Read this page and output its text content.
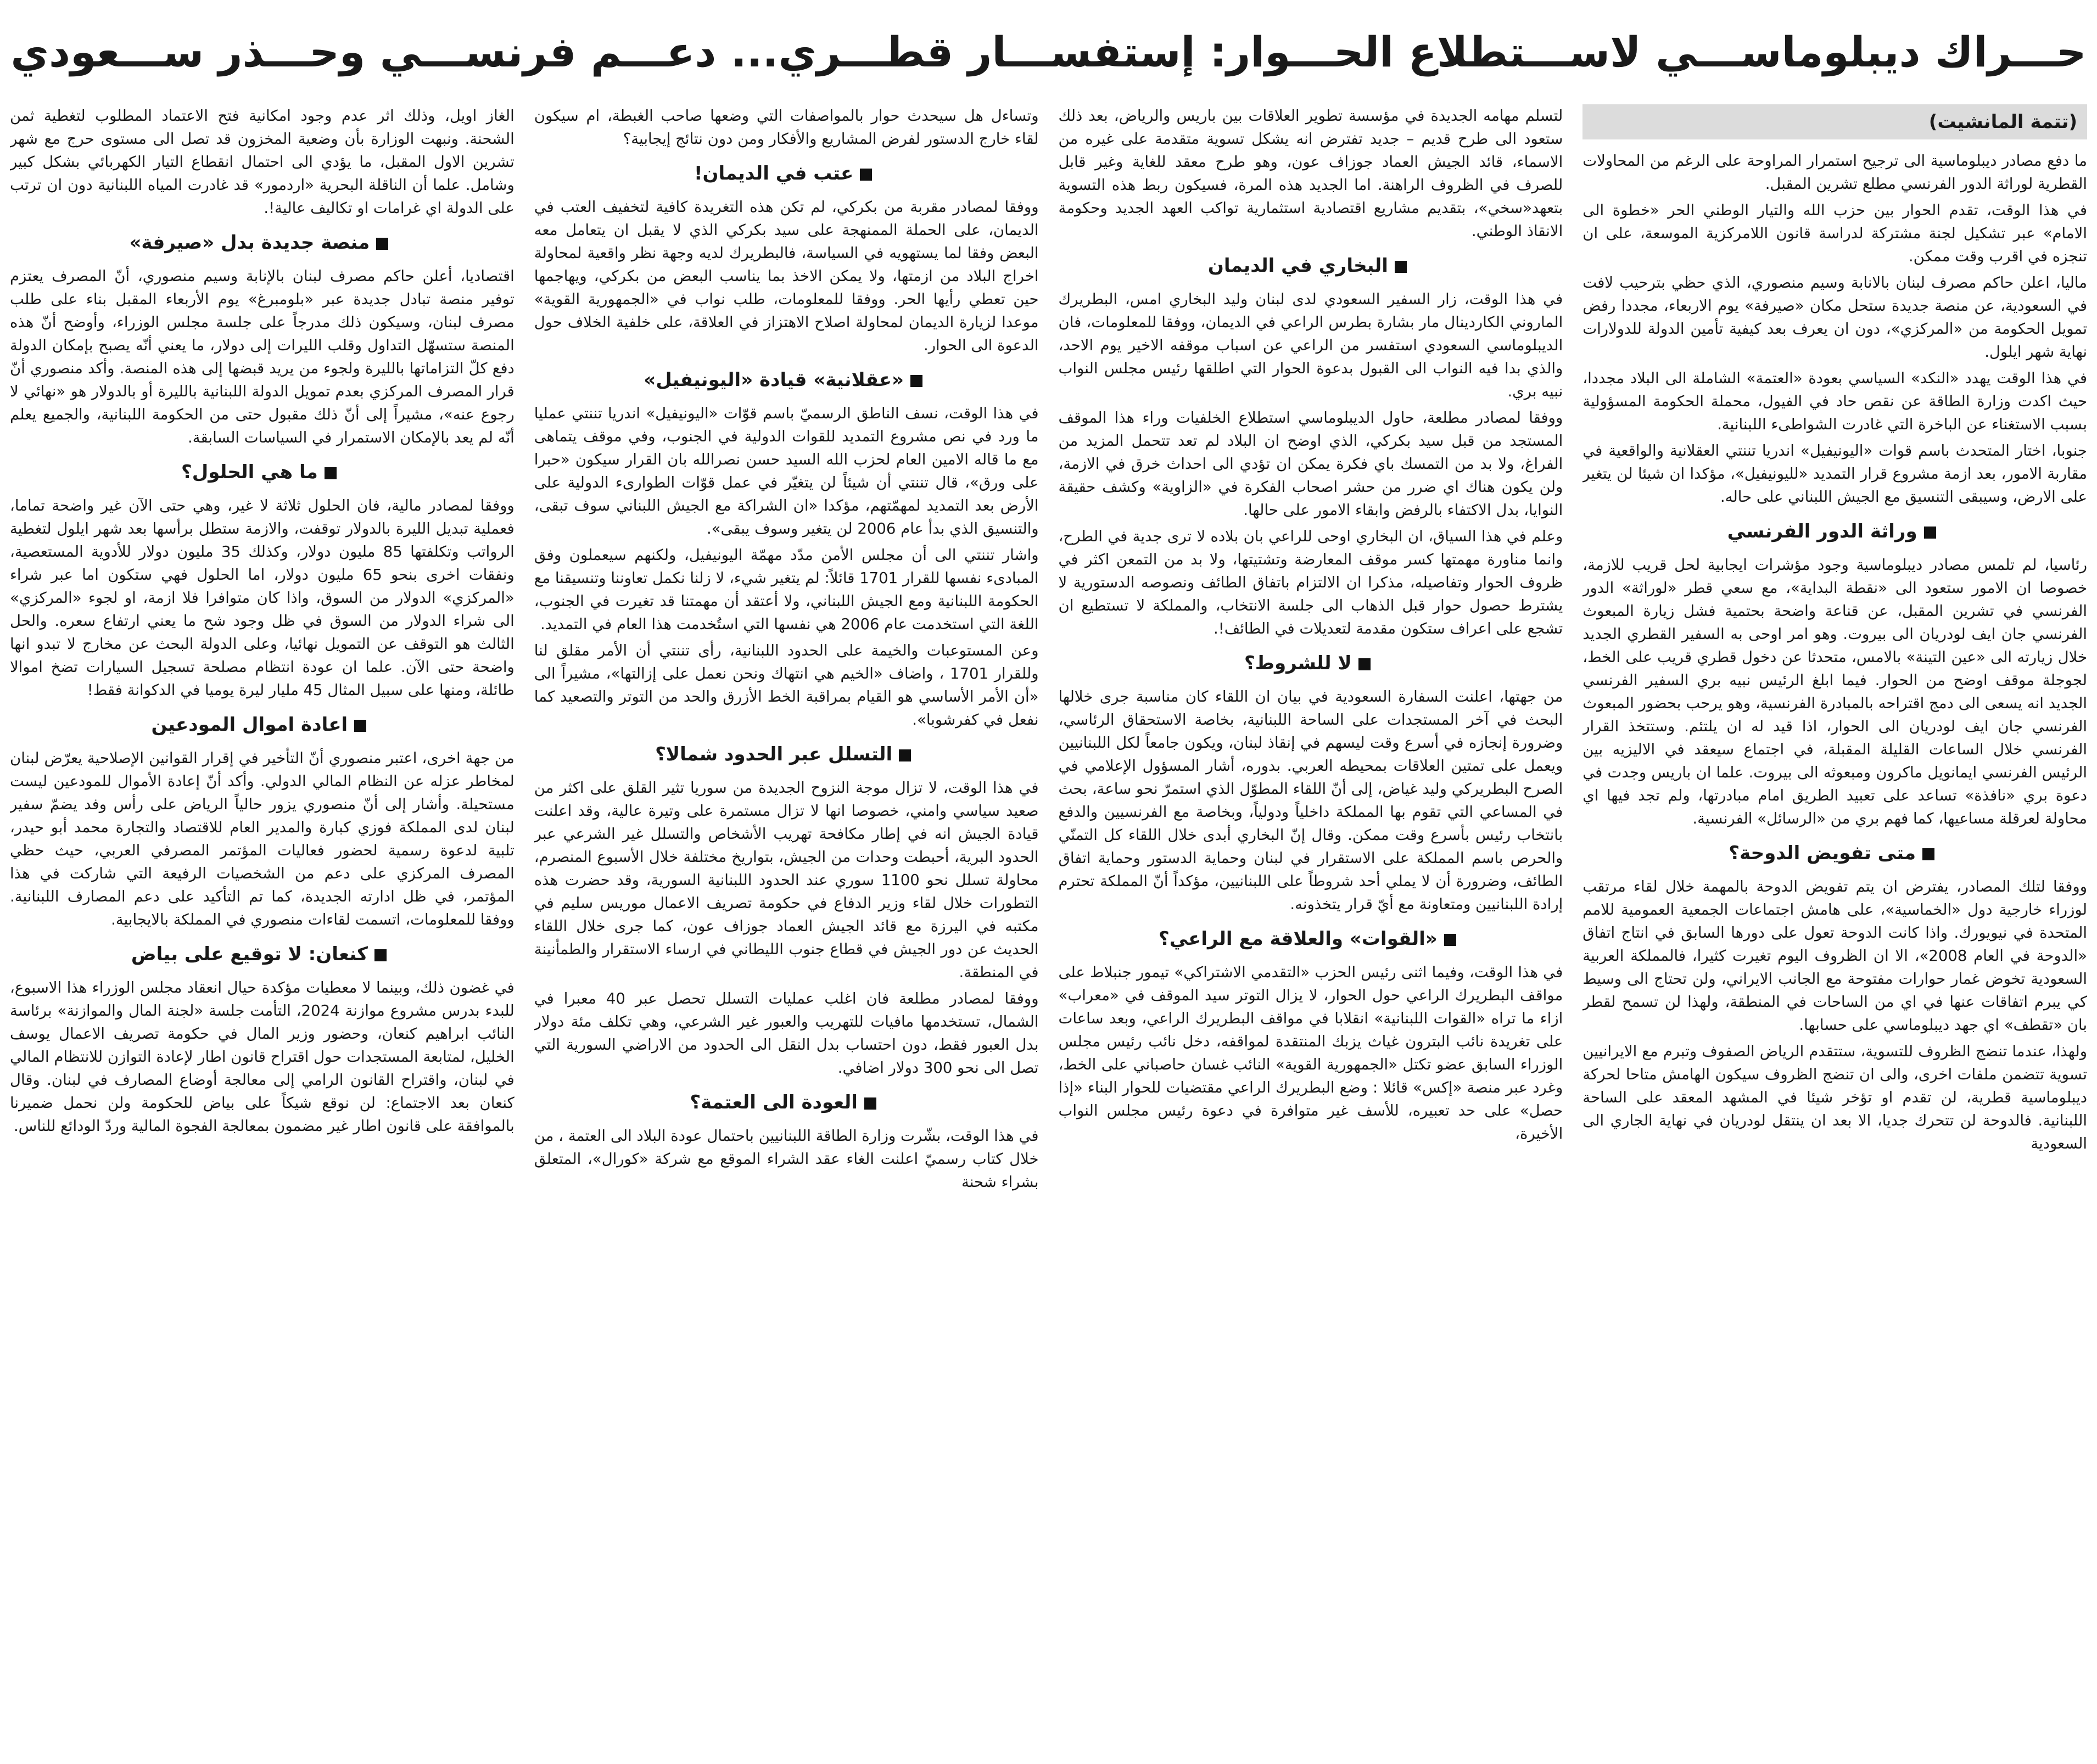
حـــراك ديبلوماســـي لاســـتطلاع الحـــوار: إستفســـار قطـــري... دعـــم فرنســـي وحـــذر ســـعودي
(تتمة المانشيت)

ما دفع مصادر ديبلوماسية الى ترجيح استمرار المراوحة على الرغم من المحاولات القطرية لوراثة الدور الفرنسي مطلع تشرين المقبل.

في هذا الوقت، تقدم الحوار بين حزب الله والتيار الوطني الحر «خطوة الى الامام» عبر تشكيل لجنة مشتركة لدراسة قانون اللامركزية الموسعة، على ان تنجزه في اقرب وقت ممكن.

ماليا، اعلن حاكم مصرف لبنان بالانابة وسيم منصوري، الذي حظي بترحيب لافت في السعودية، عن منصة جديدة ستحل مكان «صيرفة» يوم الاربعاء، مجددا رفض تمويل الحكومة من «المركزي»، دون ان يعرف بعد كيفية تأمين الدولة للدولارات نهاية شهر ايلول.

في هذا الوقت يهدد «النكد» السياسي بعودة «العتمة» الشاملة الى البلاد مجددا، حيث اكدت وزارة الطاقة عن نقص حاد في الفيول، محملة الحكومة المسؤولية بسبب الاستغناء عن الباخرة التي غادرت الشواطىء اللبنانية.

جنوبا، اختار المتحدث باسم قوات «اليونيفيل» اندريا تننتي العقلانية والواقعية في مقاربة الامور، بعد ازمة مشروع قرار التمديد «لليونيفيل»، مؤكدا ان شيئا لن يتغير على الارض، وسيبقى التنسيق مع الجيش اللبناني على حاله.

وراثة الدور الفرنسي

رئاسيا، لم تلمس مصادر ديبلوماسية وجود مؤشرات ايجابية لحل قريب للازمة، خصوصا ان الامور ستعود الى «نقطة البداية»، مع سعي قطر «لوراثة» الدور الفرنسي في تشرين المقبل، عن قناعة واضحة بحتمية فشل زيارة المبعوث الفرنسي جان ايف لودريان الى بيروت. وهو امر اوحى به السفير القطري الجديد خلال زيارته الى «عين التينة» بالامس، متحدثا عن دخول قطري قريب على الخط، لجوجلة موقف اوضح من الحوار. فيما ابلغ الرئيس نبيه بري السفير الفرنسي الجديد انه يسعى الى دمج اقتراحه بالمبادرة الفرنسية، وهو يرحب بحضور المبعوث الفرنسي جان ايف لودريان الى الحوار، اذا قيد له ان يلتئم. وستتخذ القرار الفرنسي خلال الساعات القليلة المقبلة، في اجتماع سيعقد في الاليزيه بين الرئيس الفرنسي ايمانويل ماكرون ومبعوثه الى بيروت. علما ان باريس وجدت في دعوة بري «نافذة» تساعد على تعبيد الطريق امام مبادرتها، ولم تجد فيها اي محاولة لعرقلة مساعيها، كما فهم بري من «الرسائل» الفرنسية.

متى تفويض الدوحة؟

ووفقا لتلك المصادر، يفترض ان يتم تفويض الدوحة بالمهمة خلال لقاء مرتقب لوزراء خارجية دول «الخماسية»، على هامش اجتماعات الجمعية العمومية للامم المتحدة في نيويورك. واذا كانت الدوحة تعول على دورها السابق في انتاج اتفاق «الدوحة في العام 2008»، الا ان الظروف اليوم تغيرت كثيرا، فالمملكة العربية السعودية تخوض غمار حوارات مفتوحة مع الجانب الايراني، ولن تحتاج الى وسيط كي يبرم اتفاقات عنها في اي من الساحات في المنطقة، ولهذا لن تسمح لقطر بان «تقطف» اي جهد ديبلوماسي على حسابها.

ولهذا، عندما تنضج الظروف للتسوية، ستتقدم الرياض الصفوف وتبرم مع الايرانيين تسوية تتضمن ملفات اخرى، والى ان تنضج الظروف سيكون الهامش متاحا لحركة ديبلوماسية قطرية، لن تقدم او تؤخر شيئا في المشهد المعقد على الساحة اللبنانية. فالدوحة لن تتحرك جديا، الا بعد ان ينتقل لودريان في نهاية الجاري الى السعودية

لتسلم مهامه الجديدة في مؤسسة تطوير العلاقات بين باريس والرياض، بعد ذلك ستعود الى طرح قديم – جديد تفترض انه يشكل تسوية متقدمة على غيره من الاسماء، قائد الجيش العماد جوزاف عون، وهو طرح معقد للغاية وغير قابل للصرف في الظروف الراهنة. اما الجديد هذه المرة، فسيكون ربط هذه التسوية بتعهد«سخي»، بتقديم مشاريع اقتصادية استثمارية تواكب العهد الجديد وحكومة الانقاذ الوطني.

البخاري في الديمان

في هذا الوقت، زار السفير السعودي لدى لبنان وليد البخاري امس، البطريرك الماروني الكاردينال مار بشارة بطرس الراعي في الديمان، ووفقا للمعلومات، فان الديبلوماسي السعودي استفسر من الراعي عن اسباب موقفه الاخير يوم الاحد، والذي بدا فيه النواب الى القبول بدعوة الحوار التي اطلقها رئيس مجلس النواب نبيه بري.

ووفقا لمصادر مطلعة، حاول الديبلوماسي استطلاع الخلفيات وراء هذا الموقف المستجد من قبل سيد بكركي، الذي اوضح ان البلاد لم تعد تتحمل المزيد من الفراغ، ولا بد من التمسك باي فكرة يمكن ان تؤدي الى احداث خرق في الازمة، ولن يكون هناك اي ضرر من حشر اصحاب الفكرة في «الزاوية» وكشف حقيقة النوايا، بدل الاكتفاء بالرفض وابقاء الامور على حالها.

وعلم في هذا السياق، ان البخاري اوحى للراعي بان بلاده لا ترى جدية في الطرح، وانما مناورة مهمتها كسر موقف المعارضة وتشتيتها، ولا بد من التمعن اكثر في ظروف الحوار وتفاصيله، مذكرا ان الالتزام باتفاق الطائف ونصوصه الدستورية لا يشترط حصول حوار قبل الذهاب الى جلسة الانتخاب، والمملكة لا تستطيع ان تشجع على اعراف ستكون مقدمة لتعديلات في الطائف!.

لا للشروط؟

من جهتها، اعلنت السفارة السعودية في بيان ان اللقاء كان مناسبة جرى خلالها البحث في آخر المستجدات على الساحة اللبنانية، بخاصة الاستحقاق الرئاسي، وضرورة إنجازه في أسرع وقت ليسهم في إنقاذ لبنان، ويكون جامعاً لكل اللبنانيين ويعمل على تمتين العلاقات بمحيطه العربي. بدوره، أشار المسؤول الإعلامي في الصرح البطريركي وليد غياض، إلى أنّ اللقاء المطوّل الذي استمرّ نحو ساعة، بحث في المساعي التي تقوم بها المملكة داخلياً ودولياً، وبخاصة مع الفرنسيين والدفع بانتخاب رئيس بأسرع وقت ممكن. وقال إنّ البخاري أبدى خلال اللقاء كل التمنّي والحرص باسم المملكة على الاستقرار في لبنان وحماية الدستور وحماية اتفاق الطائف، وضرورة أن لا يملي أحد شروطاً على اللبنانيين، مؤكداً أنّ المملكة تحترم إرادة اللبنانيين ومتعاونة مع أيّ قرار يتخذونه.

«القوات» والعلاقة مع الراعي؟

في هذا الوقت، وفيما اثنى رئيس الحزب «التقدمي الاشتراكي» تيمور جنبلاط على مواقف البطريرك الراعي حول الحوار، لا يزال التوتر سيد الموقف في «معراب» ازاء ما تراه «القوات اللبنانية» انقلابا في مواقف البطريرك الراعي، وبعد ساعات على تغريدة نائب البترون غياث يزبك المنتقدة لمواقفه، دخل نائب رئيس مجلس الوزراء السابق عضو تكتل «الجمهورية القوية» النائب غسان حاصباني على الخط، وغرد عبر منصة «إكس» قائلا : وضع البطريرك الراعي مقتضيات للحوار البناء «إذا حصل» على حد تعبيره، للأسف غير متوافرة في دعوة رئيس مجلس النواب الأخيرة،

وتساءل هل سيحدث حوار بالمواصفات التي وضعها صاحب الغبطة، ام سيكون لقاء خارج الدستور لفرض المشاريع والأفكار ومن دون نتائج إيجابية؟

عتب في الديمان!

ووفقا لمصادر مقربة من بكركي، لم تكن هذه التغريدة كافية لتخفيف العتب في الديمان، على الحملة الممنهجة على سيد بكركي الذي لا يقبل ان يتعامل معه البعض وفقا لما يستهويه في السياسة، فالبطريرك لديه وجهة نظر واقعية لمحاولة اخراج البلاد من ازمتها، ولا يمكن الاخذ بما يناسب البعض من بكركي، ويهاجمها حين تعطي رأيها الحر. ووفقا للمعلومات، طلب نواب في «الجمهورية القوية» موعدا لزيارة الديمان لمحاولة اصلاح الاهتزاز في العلاقة، على خلفية الخلاف حول الدعوة الى الحوار.

«عقلانية» قيادة «اليونيفيل»

في هذا الوقت، نسف الناطق الرسميّ باسم قوّات «اليونيفيل» اندريا تننتي عمليا ما ورد في نص مشروع التمديد للقوات الدولية في الجنوب، وفي موقف يتماهى مع ما قاله الامين العام لحزب الله السيد حسن نصرالله بان القرار سيكون «حبرا على ورق»، قال تننتي أن شيئاً لن يتغيّر في عمل قوّات الطوارىء الدولية على الأرض بعد التمديد لمهمّتهم، مؤكدا «ان الشراكة مع الجيش اللبناني سوف تبقى، والتنسيق الذي بدأ عام 2006 لن يتغير وسوف يبقى».

واشار تننتي الى أن مجلس الأمن مدّد مهمّة اليونيفيل، ولكنهم سيعملون وفق المبادىء نفسها للقرار 1701 قائلاً: لم يتغير شيء، لا زلنا نكمل تعاوننا وتنسيقنا مع الحكومة اللبنانية ومع الجيش اللبناني، ولا أعتقد أن مهمتنا قد تغيرت في الجنوب، اللغة التي استخدمت عام 2006 هي نفسها التي استُخدمت هذا العام في التمديد.

وعن المستوعبات والخيمة على الحدود اللبنانية، رأى تننتي أن الأمر مقلق لنا وللقرار 1701 ، واضاف «الخيم هي انتهاك ونحن نعمل على إزالتها»، مشيراً الى «أن الأمر الأساسي هو القيام بمراقبة الخط الأزرق والحد من التوتر والتصعيد كما نفعل في كفرشوبا».

التسلل عبر الحدود شمالا؟

في هذا الوقت، لا تزال موجة النزوح الجديدة من سوريا تثير القلق على اكثر من صعيد سياسي وامني، خصوصا انها لا تزال مستمرة على وتيرة عالية، وقد اعلنت قيادة الجيش انه في إطار مكافحة تهريب الأشخاص والتسلل غير الشرعي عبر الحدود البرية، أحبطت وحدات من الجيش، بتواريخ مختلفة خلال الأسبوع المنصرم، محاولة تسلل نحو 1100 سوري عند الحدود اللبنانية السورية، وقد حضرت هذه التطورات خلال لقاء وزير الدفاع في حكومة تصريف الاعمال موريس سليم في مكتبه في اليرزة مع قائد الجيش العماد جوزاف عون، كما جرى خلال اللقاء الحديث عن دور الجيش في قطاع جنوب الليطاني في ارساء الاستقرار والطمأنينة في المنطقة.

ووفقا لمصادر مطلعة فان اغلب عمليات التسلل تحصل عبر 40 معبرا في الشمال، تستخدمها مافيات للتهريب والعبور غير الشرعي، وهي تكلف مئة دولار بدل العبور فقط، دون احتساب بدل النقل الى الحدود من الاراضي السورية التي تصل الى نحو 300 دولار اضافي.

العودة الى العتمة؟

في هذا الوقت، بشّرت وزارة الطاقة اللبنانيين باحتمال عودة البلاد الى العتمة ، من خلال كتاب رسميّ اعلنت الغاء عقد الشراء الموقع مع شركة «كورال»، المتعلق بشراء شحنة

الغاز اويل، وذلك اثر عدم وجود امكانية فتح الاعتماد المطلوب لتغطية ثمن الشحنة. ونبهت الوزارة بأن وضعية المخزون قد تصل الى مستوى حرج مع شهر تشرين الاول المقبل، ما يؤدي الى احتمال انقطاع التيار الكهربائي بشكل كبير وشامل. علما أن الناقلة البحرية «اردمور» قد غادرت المياه اللبنانية دون ان ترتب على الدولة اي غرامات او تكاليف عالية!.

منصة جديدة بدل «صيرفة»

اقتصاديا، أعلن حاكم مصرف لبنان بالإنابة وسيم منصوري، أنّ المصرف يعتزم توفير منصة تبادل جديدة عبر «بلومبرغ» يوم الأربعاء المقبل بناء على طلب مصرف لبنان، وسيكون ذلك مدرجاً على جلسة مجلس الوزراء، وأوضح أنّ هذه المنصة ستسهّل التداول وقلب الليرات إلى دولار، ما يعني أنّه يصبح بإمكان الدولة دفع كلّ التزاماتها بالليرة ولجوء من يريد قبضها إلى هذه المنصة. وأكد منصوري أنّ قرار المصرف المركزي بعدم تمويل الدولة اللبنانية بالليرة أو بالدولار هو «نهائي لا رجوع عنه»، مشيراً إلى أنّ ذلك مقبول حتى من الحكومة اللبنانية، والجميع يعلم أنّه لم يعد بالإمكان الاستمرار في السياسات السابقة.

ما هي الحلول؟

ووفقا لمصادر مالية، فان الحلول ثلاثة لا غير، وهي حتى الآن غير واضحة تماما، فعملية تبديل الليرة بالدولار توقفت، والازمة ستطل برأسها بعد شهر ايلول لتغطية الرواتب وتكلفتها 85 مليون دولار، وكذلك 35 مليون دولار للأدوية المستعصية، ونفقات اخرى بنحو 65 مليون دولار، اما الحلول فهي ستكون اما عبر شراء «المركزي» الدولار من السوق، واذا كان متوافرا فلا ازمة، او لجوء «المركزي» الى شراء الدولار من السوق في ظل وجود شح ما يعني ارتفاع سعره. والحل الثالث هو التوقف عن التمويل نهائيا، وعلى الدولة البحث عن مخارج لا تبدو انها واضحة حتى الآن. علما ان عودة انتظام مصلحة تسجيل السيارات تضخ اموالا طائلة، ومنها على سبيل المثال 45 مليار ليرة يوميا في الدكوانة فقط!

اعادة اموال المودعين

من جهة اخرى، اعتبر منصوري أنّ التأخير في إقرار القوانين الإصلاحية يعرّض لبنان لمخاطر عزله عن النظام المالي الدولي. وأكد أنّ إعادة الأموال للمودعين ليست مستحيلة. وأشار إلى أنّ منصوري يزور حالياً الرياض على رأس وفد يضمّ سفير لبنان لدى المملكة فوزي كبارة والمدير العام للاقتصاد والتجارة محمد أبو حيدر، تلبية لدعوة رسمية لحضور فعاليات المؤتمر المصرفي العربي، حيث حظي المصرف المركزي على دعم من الشخصيات الرفيعة التي شاركت في هذا المؤتمر، في ظل ادارته الجديدة، كما تم التأكيد على دعم المصارف اللبنانية. ووفقا للمعلومات، اتسمت لقاءات منصوري في المملكة بالايجابية.

كنعان: لا توقيع على بياض

في غضون ذلك، وبينما لا معطيات مؤكدة حيال انعقاد مجلس الوزراء هذا الاسبوع، للبدء بدرس مشروع موازنة 2024، التأمت جلسة «لجنة المال والموازنة» برئاسة النائب ابراهيم كنعان، وحضور وزير المال في حكومة تصريف الاعمال يوسف الخليل، لمتابعة المستجدات حول اقتراح قانون اطار لإعادة التوازن للانتظام المالي في لبنان، واقتراح القانون الرامي إلى معالجة أوضاع المصارف في لبنان. وقال كنعان بعد الاجتماع: لن نوقع شيكاً على بياض للحكومة ولن نحمل ضميرنا بالموافقة على قانون اطار غير مضمون بمعالجة الفجوة المالية وردّ الودائع للناس.
